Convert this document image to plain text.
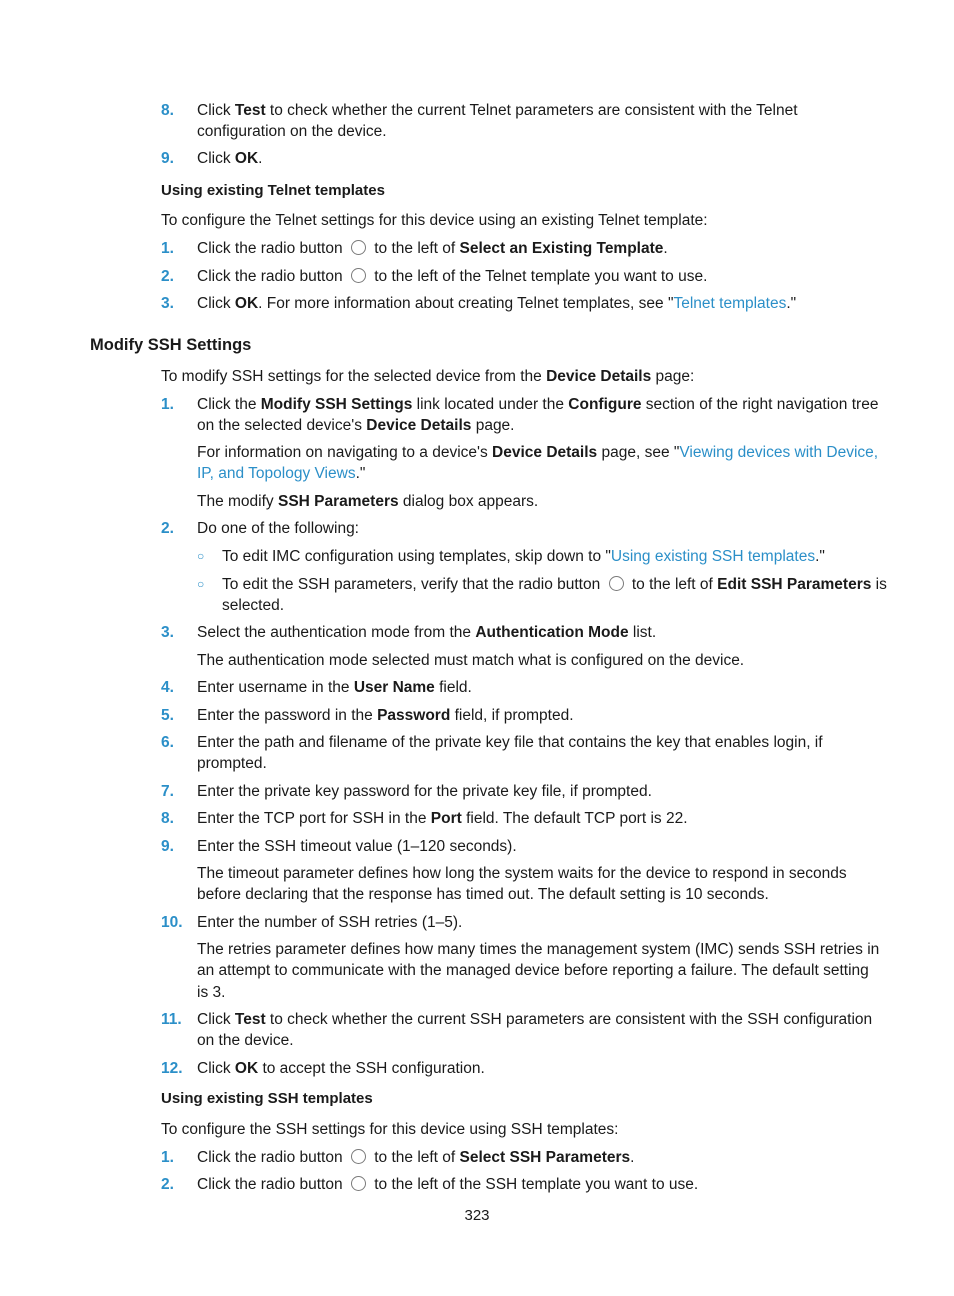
8. Click Test to check whether the current Telnet parameters are consistent with the Telnet
configuration on the device.
9. Click OK.
Using existing Telnet templates
To configure the Telnet settings for this device using an existing Telnet template:
1. Click the radio button  to the left of Select an Existing Template.
2. Click the radio button  to the left of the Telnet template you want to use.
3. Click OK. For more information about creating Telnet templates, see "Telnet templates."
Modify SSH Settings
To modify SSH settings for the selected device from the Device Details page:
1. Click the Modify SSH Settings link located under the Configure section of the right navigation tree
on the selected device's Device Details page.
For information on navigating to a device's Device Details page, see "Viewing devices with Device,
IP, and Topology Views."
The modify SSH Parameters dialog box appears.
2. Do one of the following:
○ To edit IMC configuration using templates, skip down to "Using existing SSH templates."
○ To edit the SSH parameters, verify that the radio button  to the left of Edit SSH Parameters is
selected.
3. Select the authentication mode from the Authentication Mode list.
The authentication mode selected must match what is configured on the device.
4. Enter username in the User Name field.
5. Enter the password in the Password field, if prompted.
6. Enter the path and filename of the private key file that contains the key that enables login, if
prompted.
7. Enter the private key password for the private key file, if prompted.
8. Enter the TCP port for SSH in the Port field. The default TCP port is 22.
9. Enter the SSH timeout value (1–120 seconds).
The timeout parameter defines how long the system waits for the device to respond in seconds
before declaring that the response has timed out. The default setting is 10 seconds.
10. Enter the number of SSH retries (1–5).
The retries parameter defines how many times the management system (IMC) sends SSH retries in
an attempt to communicate with the managed device before reporting a failure. The default setting
is 3.
11. Click Test to check whether the current SSH parameters are consistent with the SSH configuration
on the device.
12. Click OK to accept the SSH configuration.
Using existing SSH templates
To configure the SSH settings for this device using SSH templates:
1. Click the radio button  to the left of Select SSH Parameters.
2. Click the radio button  to the left of the SSH template you want to use.
323
